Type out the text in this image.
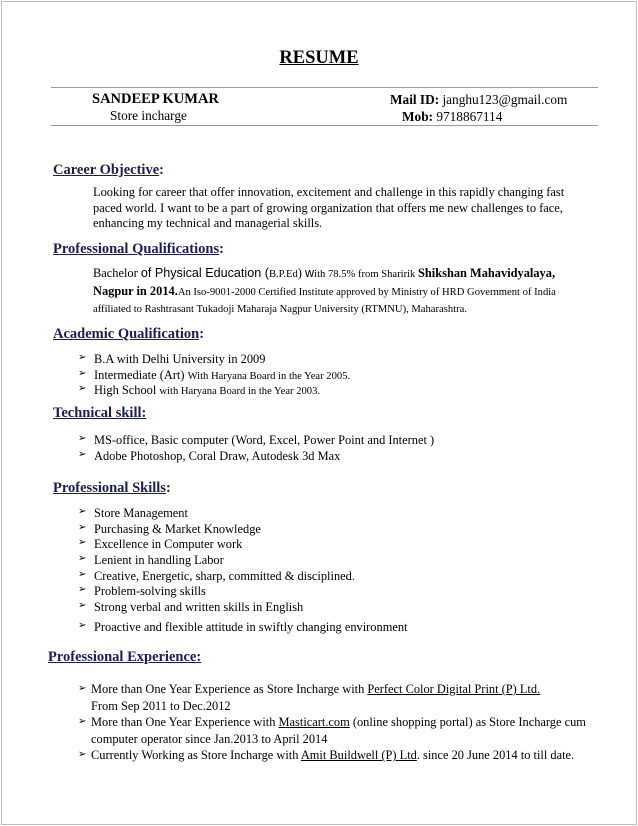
RESUME
SANDEEP KUMAR
Store incharge
Mail ID: janghu123@gmail.com
Mob: 9718867114
Career Objective:
Looking for career that offer innovation, excitement and challenge in this rapidly changing fast
paced world. I want to be a part of growing organization that offers me new challenges to face,
enhancing my technical and managerial skills.
Professional Qualifications:
Bachelor of Physical Education (B.P.Ed) with 78.5% from Sharirik Shikshan Mahavidyalaya,
Nagpur in 2014.An Iso-9001-2000 Certified Institute approved by Ministry of HRD Government of India
affiliated to Rashtrasant Tukadoji Maharaja Nagpur University (RTMNU), Maharashtra.
Academic Qualification:
➢ B.A with Delhi University in 2009
➢ Intermediate (Art) With Haryana Board in the Year 2005.
➢ High School with Haryana Board in the Year 2003.
Technical skill:
➢ MS-office, Basic computer (Word, Excel, Power Point and Internet )
➢ Adobe Photoshop, Coral Draw, Autodesk 3d Max
Professional Skills:
➢ Store Management
➢ Purchasing & Market Knowledge
➢ Excellence in Computer work
➢ Lenient in handling Labor
➢ Creative, Energetic, sharp, committed & disciplined.
➢ Problem-solving skills
➢ Strong verbal and written skills in English
➢ Proactive and flexible attitude in swiftly changing environment
Professional Experience:
➢ More than One Year Experience as Store Incharge with Perfect Color Digital Print (P) Ltd.
From Sep 2011 to Dec.2012
➢ More than One Year Experience with Masticart.com (online shopping portal) as Store Incharge cum
computer operator since Jan.2013 to April 2014
➢ Currently Working as Store Incharge with Amit Buildwell (P) Ltd. since 20 June 2014 to till date.
